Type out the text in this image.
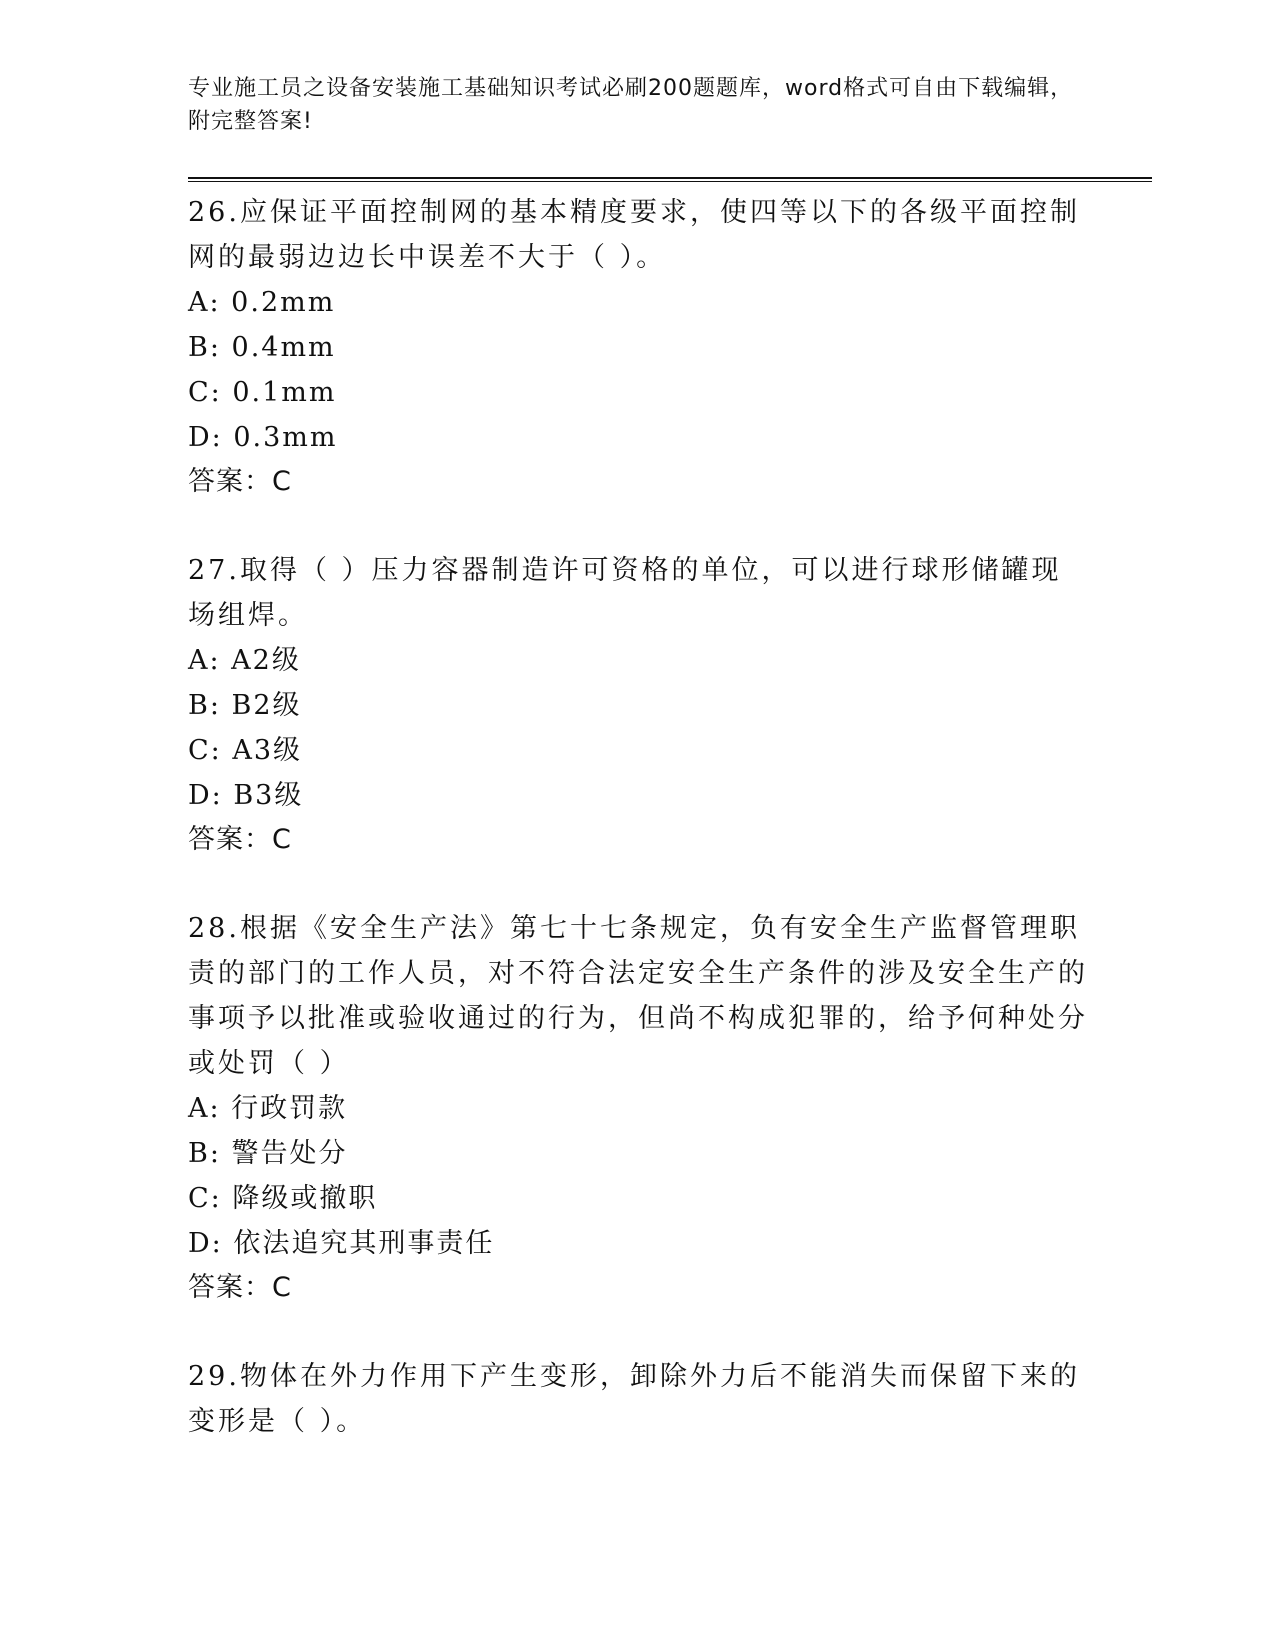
专业施工员之设备安装施工基础知识考试必刷200题题库，word格式可自由下载编辑，附完整答案!

26.应保证平面控制网的基本精度要求，使四等以下的各级平面控制网的最弱边边长中误差不大于（ ）。

A: 0.2mm

B: 0.4mm

C: 0.1mm

D: 0.3mm

答案：C

27.取得（ ）压力容器制造许可资格的单位，可以进行球形储罐现场组焊。

A: A2级

B: B2级

C: A3级

D: B3级

答案：C

28.根据《安全生产法》第七十七条规定，负有安全生产监督管理职责的部门的工作人员，对不符合法定安全生产条件的涉及安全生产的事项予以批准或验收通过的行为，但尚不构成犯罪的，给予何种处分或处罚（ ）

A: 行政罚款

B: 警告处分

C: 降级或撤职

D: 依法追究其刑事责任

答案：C

29.物体在外力作用下产生变形，卸除外力后不能消失而保留下来的变形是（ ）。
